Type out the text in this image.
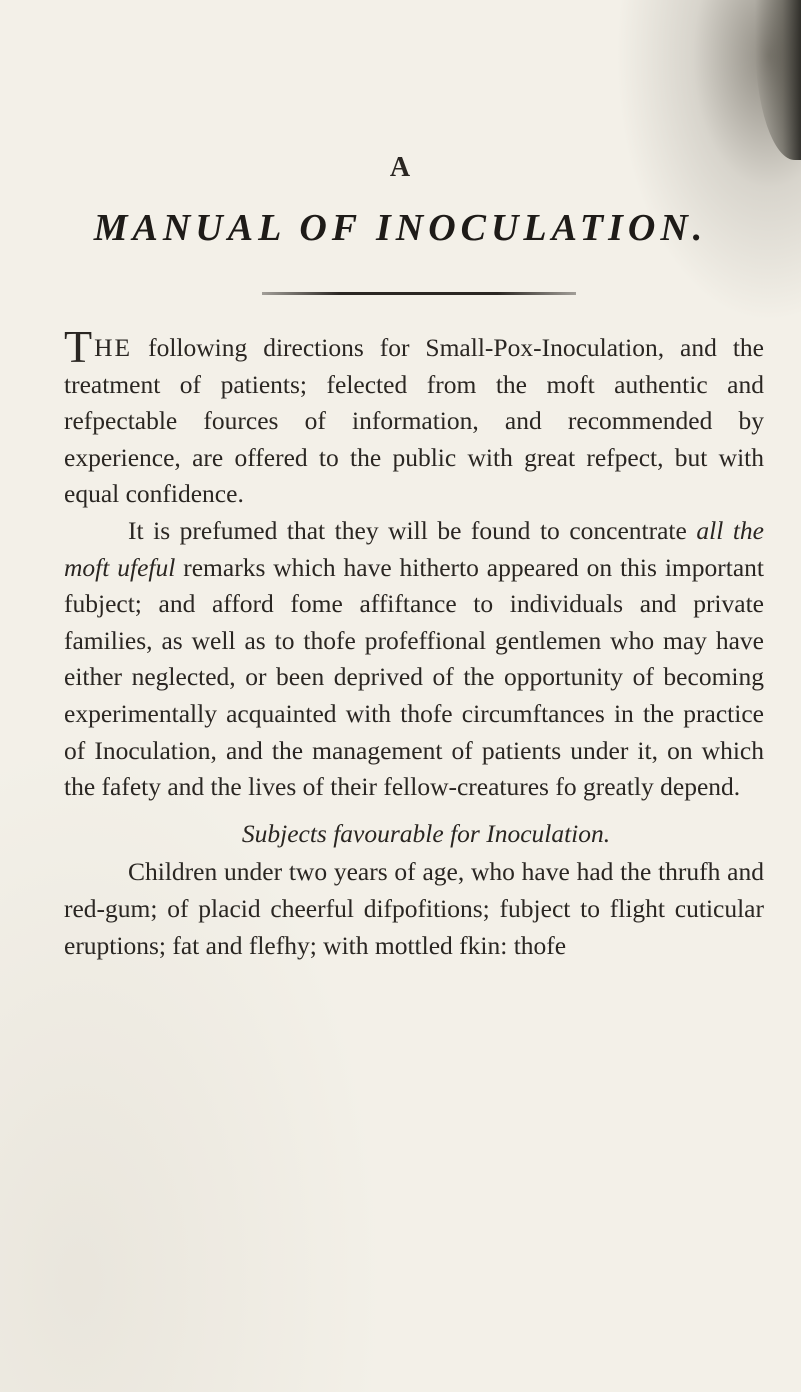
A
MANUAL OF INOCULATION.

THE following directions for Small-Pox-Inoculation, and the treatment of patients; felected from the moft authentic and refpectable fources of information, and recommended by experience, are offered to the public with great refpect, but with equal confidence.

It is prefumed that they will be found to concentrate all the moft ufeful remarks which have hitherto appeared on this important fubject; and afford fome affiftance to individuals and private families, as well as to thofe profeffional gentlemen who may have either neglected, or been deprived of the opportunity of becoming experimentally acquainted with thofe circumftances in the practice of Inoculation, and the management of patients under it, on which the fafety and the lives of their fellow-creatures fo greatly depend.

Subjects favourable for Inoculation.

Children under two years of age, who have had the thrufh and red-gum; of placid cheerful difpofitions; fubject to flight cuticular eruptions; fat and flefhy; with mottled fkin: thofe
